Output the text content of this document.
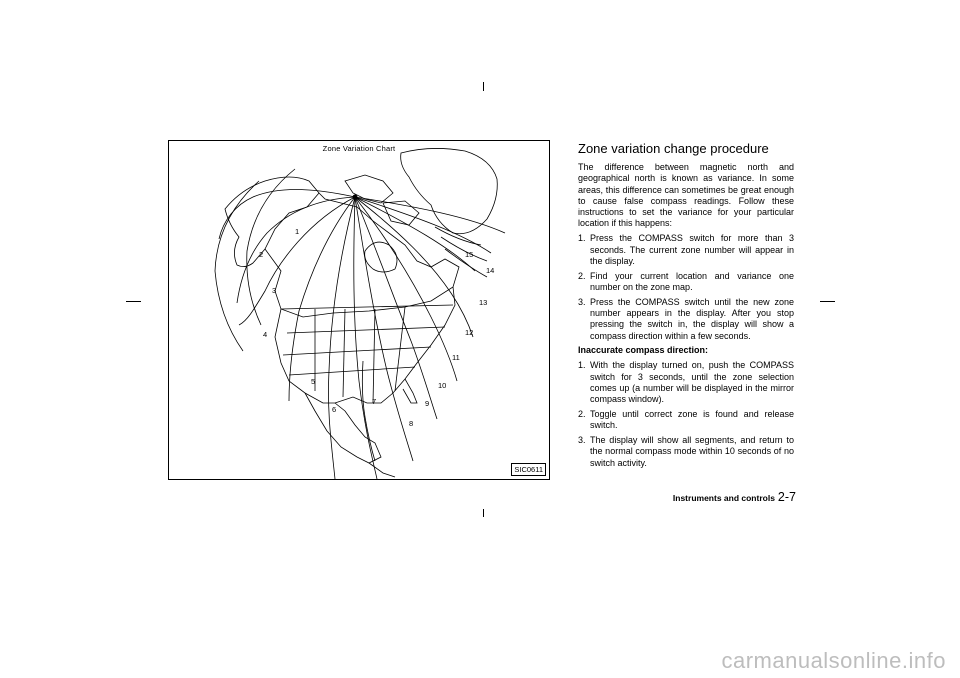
Zone Variation Chart
1
2
3
4
5
6
7
8
9
10
11
12
13
14
15
SIC0611
Zone variation change procedure

The difference between magnetic north and geographical north is known as variance. In some areas, this difference can sometimes be great enough to cause false compass readings. Follow these instructions to set the variance for your particular location if this happens:

1. Press the COMPASS switch for more than 3 seconds. The current zone number will appear in the display.
2. Find your current location and variance one number on the zone map.
3. Press the COMPASS switch until the new zone number appears in the display. After you stop pressing the switch in, the display will show a compass direction within a few seconds.
Inaccurate compass direction:
1. With the display turned on, push the COMPASS switch for 3 seconds, until the zone selection comes up (a number will be displayed in the mirror compass window).
2. Toggle until correct zone is found and release switch.
3. The display will show all segments, and return to the normal compass mode within 10 seconds of no switch activity.
Instruments and controls 2-7
carmanualsonline.info
